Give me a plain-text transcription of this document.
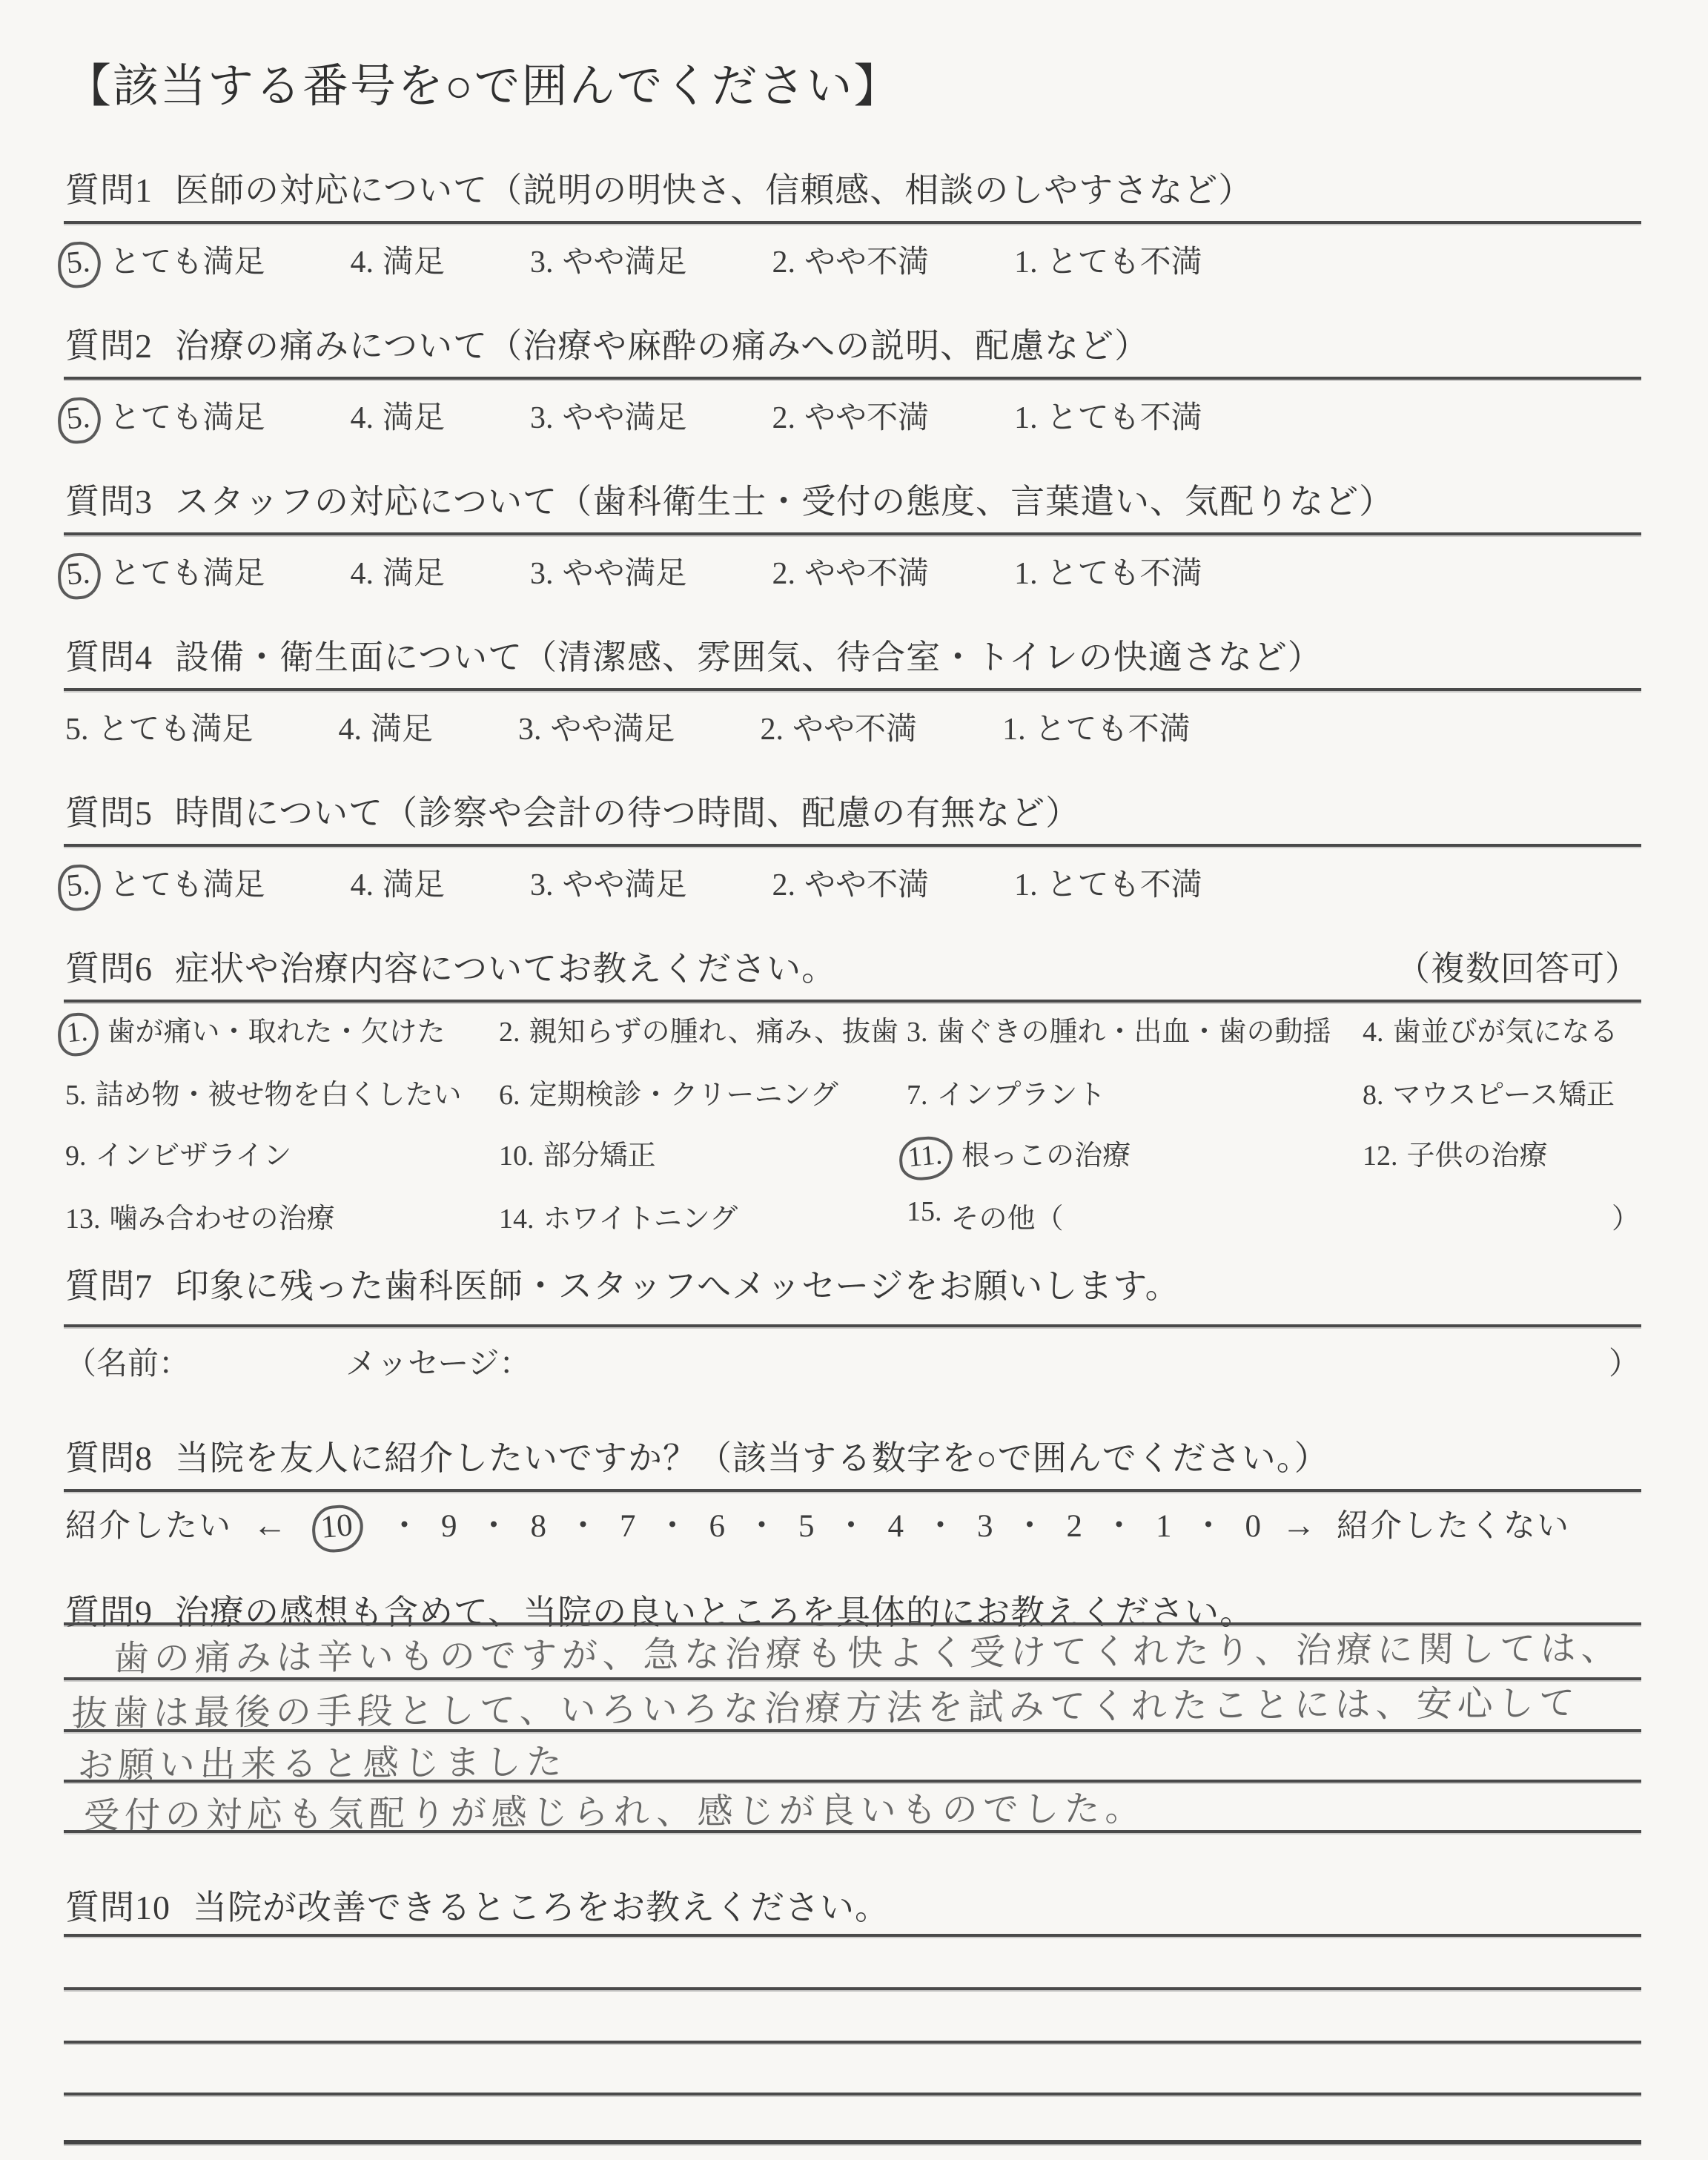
【該当する番号を○で囲んでください】
質問1 医師の対応について（説明の明快さ、信頼感、相談のしやすさなど）
5. とても満足	4. 満足	3. やや満足	2. やや不満	1. とても不満
質問2 治療の痛みについて（治療や麻酔の痛みへの説明、配慮など）
5. とても満足	4. 満足	3. やや満足	2. やや不満	1. とても不満
質問3 スタッフの対応について（歯科衛生士・受付の態度、言葉遣い、気配りなど）
5. とても満足	4. 満足	3. やや満足	2. やや不満	1. とても不満
質問4 設備・衛生面について（清潔感、雰囲気、待合室・トイレの快適さなど）
5. とても満足	4. 満足	3. やや満足	2. やや不満	1. とても不満
質問5 時間について（診察や会計の待つ時間、配慮の有無など）
5. とても満足	4. 満足	3. やや満足	2. やや不満	1. とても不満
質問6 症状や治療内容についてお教えください。	（複数回答可）
1. 歯が痛い・取れた・欠けた	2. 親知らずの腫れ、痛み、抜歯 3. 歯ぐきの腫れ・出血・歯の動揺	4. 歯並びが気になる
5. 詰め物・被せ物を白くしたい	6. 定期検診・クリーニング	7. インプラント	8. マウスピース矯正
9. インビザライン	10. 部分矯正	11. 根っこの治療	12. 子供の治療
13. 噛み合わせの治療	14. ホワイトニング	15. その他（	）
質問7 印象に残った歯科医師・スタッフへメッセージをお願いします。
（名前：	メッセージ：	）
質問8 当院を友人に紹介したいですか？（該当する数字を○で囲んでください。）
紹介したい ← 10	・ 9 ・ 8 ・ 7 ・ 6 ・ 5 ・ 4 ・ 3 ・ 2 ・ 1 ・ 0 → 紹介したくない
質問9 治療の感想も含めて、当院の良いところを具体的にお教えください。
歯の痛みは辛いものですが、急な治療も快よく受けてくれたり、治療に関しては、
抜歯は最後の手段として、いろいろな治療方法を試みてくれたことには、安心して
お願い出来ると感じました
受付の対応も気配りが感じられ、感じが良いものでした。
質問10 当院が改善できるところをお教えください。
